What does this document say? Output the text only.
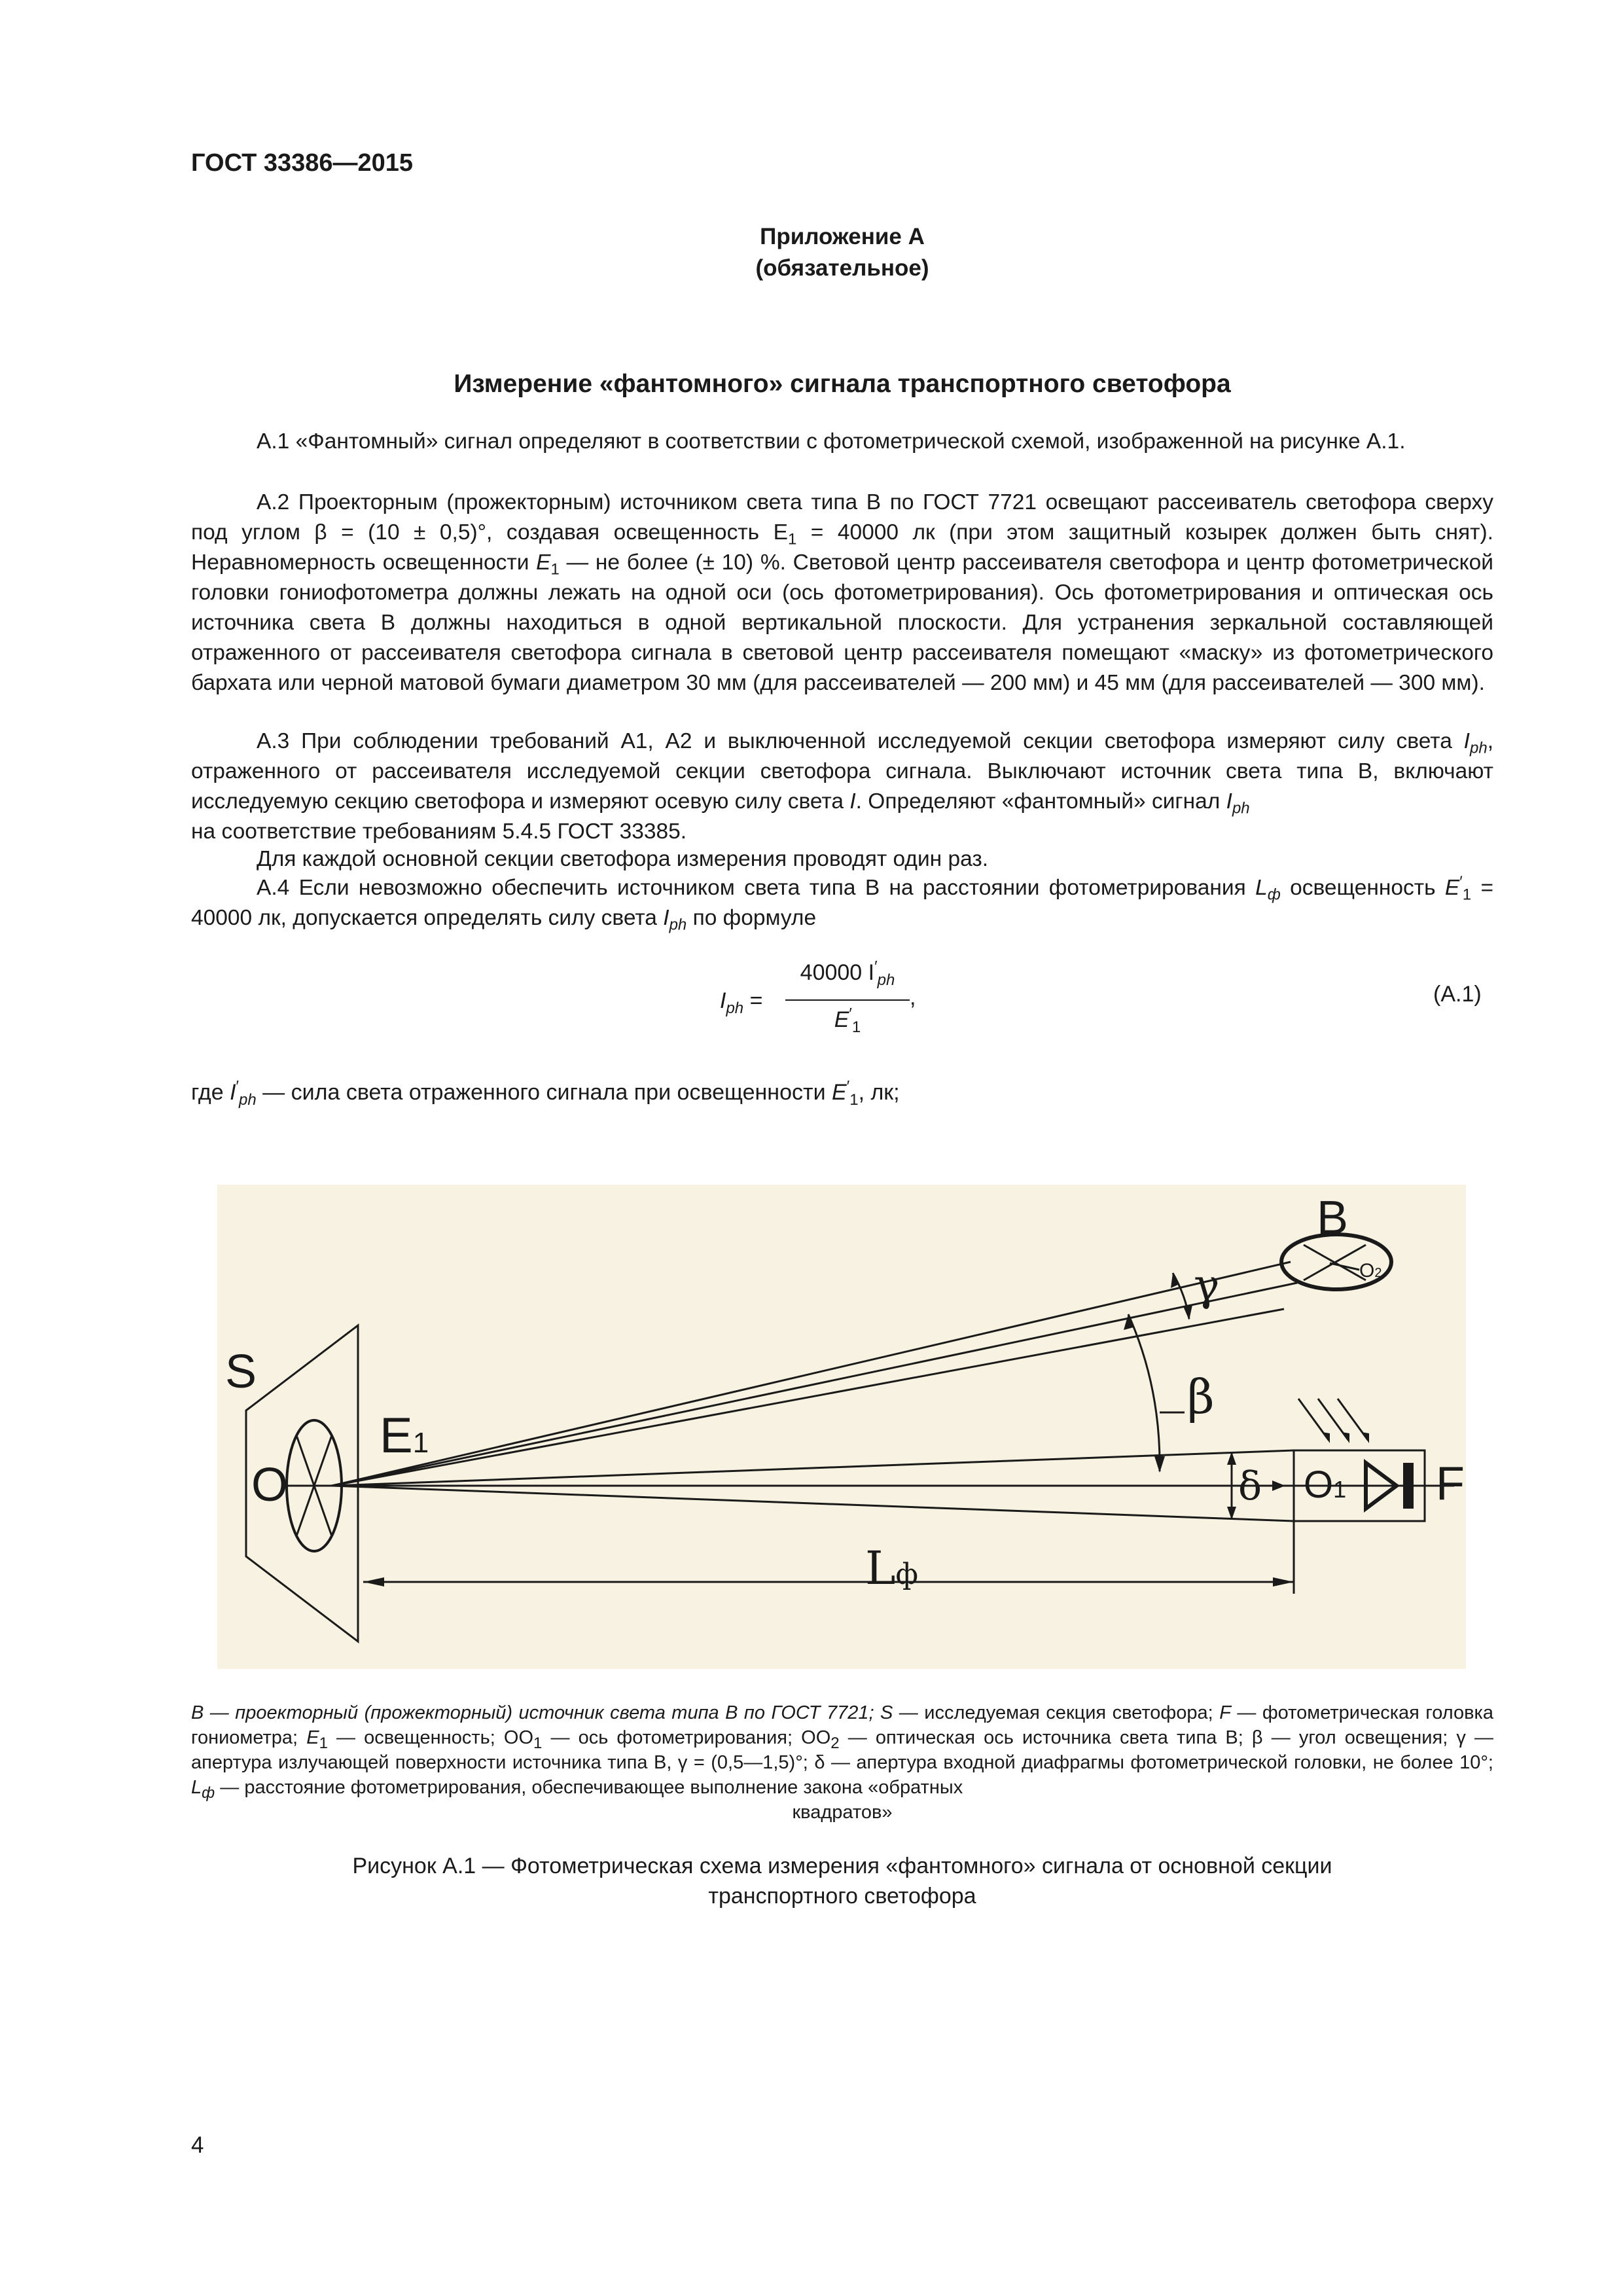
ГОСТ 33386—2015
Приложение А
(обязательное)
Измерение «фантомного» сигнала транспортного светофора
А.1 «Фантомный» сигнал определяют в соответствии с фотометрической схемой, изображенной на рисунке А.1.
А.2 Проекторным (прожекторным) источником света типа В по ГОСТ 7721 освещают рассеиватель светофора сверху под углом β = (10 ± 0,5)°, создавая освещенность $E_1 = 40000$ лк (при этом защитный козырек должен быть снят). Неравномерность освещенности $E_1$ — не более (± 10) %. Световой центр рассеивателя светофора и центр фотометрической головки гониофотометра должны лежать на одной оси (ось фотометрирования). Ось фотометрирования и оптическая ось источника света В должны находиться в одной вертикальной плоскости. Для устранения зеркальной составляющей отраженного от рассеивателя светофора сигнала в световой центр рассеивателя помещают «маску» из фотометрического бархата или черной матовой бумаги диаметром 30 мм (для рассеивателей — 200 мм) и 45 мм (для рассеивателей — 300 мм).
А.3 При соблюдении требований А1, А2 и выключенной исследуемой секции светофора измеряют силу света $I_{ph}$, отраженного от рассеивателя исследуемой секции светофора сигнала. Выключают источник света типа В, включают исследуемую секцию светофора и измеряют осевую силу света I. Определяют «фантомный» сигнал $I_{ph}$
на соответствие требованиям 5.4.5 ГОСТ 33385.
Для каждой основной секции светофора измерения проводят один раз.
А.4 Если невозможно обеспечить источником света типа В на расстоянии фотометрирования $L_ф$ освещенность $E'_1 = 40000$ лк, допускается определять силу света $I_{ph}$ по формуле
$I_{ph}$ =
40000 $I'_{ph}$
$E'_1$
,	(А.1)
где $I'_{ph}$ — сила света отраженного сигнала при освещенности $E'_1$, лк;
S
O
E1
B
O2
γ
β
δ O1 F
Lф
B — проекторный (прожекторный) источник света типа В по ГОСТ 7721; S — исследуемая секция светофора; F — фотометрическая головка гониометра; $E_1$ — освещенность; $ОО_1$ — ось фотометрирования; $ОО_2$ — оптическая ось источника света типа В; β — угол освещения; γ — апертура излучающей поверхности источника типа В, γ = (0,5—1,5)°; δ — апертура входной диафрагмы фотометрической головки, не более 10°; $L_ф$ — расстояние фотометрирования, обеспечивающее выполнение закона «обратных
квадратов»
Рисунок А.1 — Фотометрическая схема измерения «фантомного» сигнала от основной секции
транспортного светофора
4
